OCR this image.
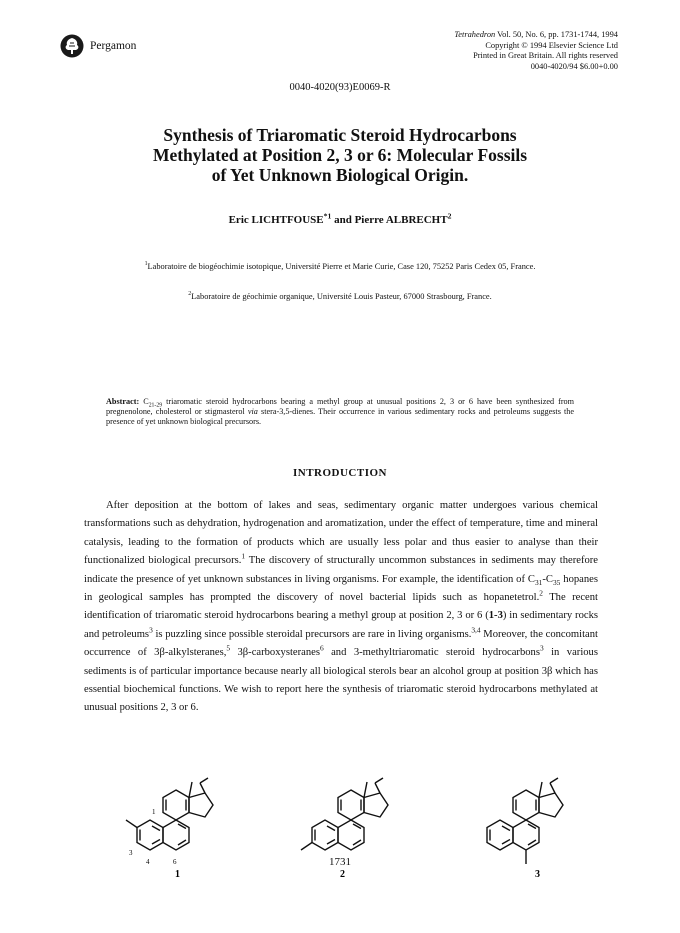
Pergamon
Tetrahedron Vol. 50, No. 6, pp. 1731-1744, 1994
Copyright © 1994 Elsevier Science Ltd
Printed in Great Britain. All rights reserved
0040-4020/94 $6.00+0.00
0040-4020(93)E0069-R
Synthesis of Triaromatic Steroid Hydrocarbons
Methylated at Position 2, 3 or 6: Molecular Fossils
of Yet Unknown Biological Origin.
Eric LICHTFOUSE$^{*1}$ and Pierre ALBRECHT$^2$
$^1$Laboratoire de biogéochimie isotopique, Université Pierre et Marie Curie, Case 120, 75252 Paris Cedex 05, France.
$^2$Laboratoire de géochimie organique, Université Louis Pasteur, 67000 Strasbourg, France.
Abstract: $C_{21-29}$ triaromatic steroid hydrocarbons bearing a methyl group at unusual positions 2, 3 or 6 have been synthesized from pregnenolone, cholesterol or stigmasterol via stera-3,5-dienes. Their occurrence in various sedimentary rocks and petroleums suggests the presence of yet unknown biological precursors.
INTRODUCTION

After deposition at the bottom of lakes and seas, sedimentary organic matter undergoes various chemical transformations such as dehydration, hydrogenation and aromatization, under the effect of temperature, time and mineral catalysis, leading to the formation of products which are usually less polar and thus easier to analyse than their functionalized biological precursors.$^1$ The discovery of structurally uncommon substances in sediments may therefore indicate the presence of yet unknown substances in living organisms. For example, the identification of $C_{31}-C_{35}$ hopanes in geological samples has prompted the discovery of novel bacterial lipids such as hopanetetrol.$^2$ The recent identification of triaromatic steroid hydrocarbons bearing a methyl group at position 2, 3 or 6 (1-3) in sedimentary rocks and petroleums$^3$ is puzzling since possible steroidal precursors are rare in living organisms.$^{3,4}$ Moreover, the concomitant occurrence of 3β-alkylsteranes,$^5$ 3β-carboxysteranes$^6$ and 3-methyltriaromatic steroid hydrocarbons$^3$ in various sediments is of particular importance because nearly all biological sterols bear an alcohol group at position 3β which has essential biochemical functions. We wish to report here the synthesis of triaromatic steroid hydrocarbons methylated at unusual positions 2, 3 or 6.

1
3
4	6
1	2	3
1731
